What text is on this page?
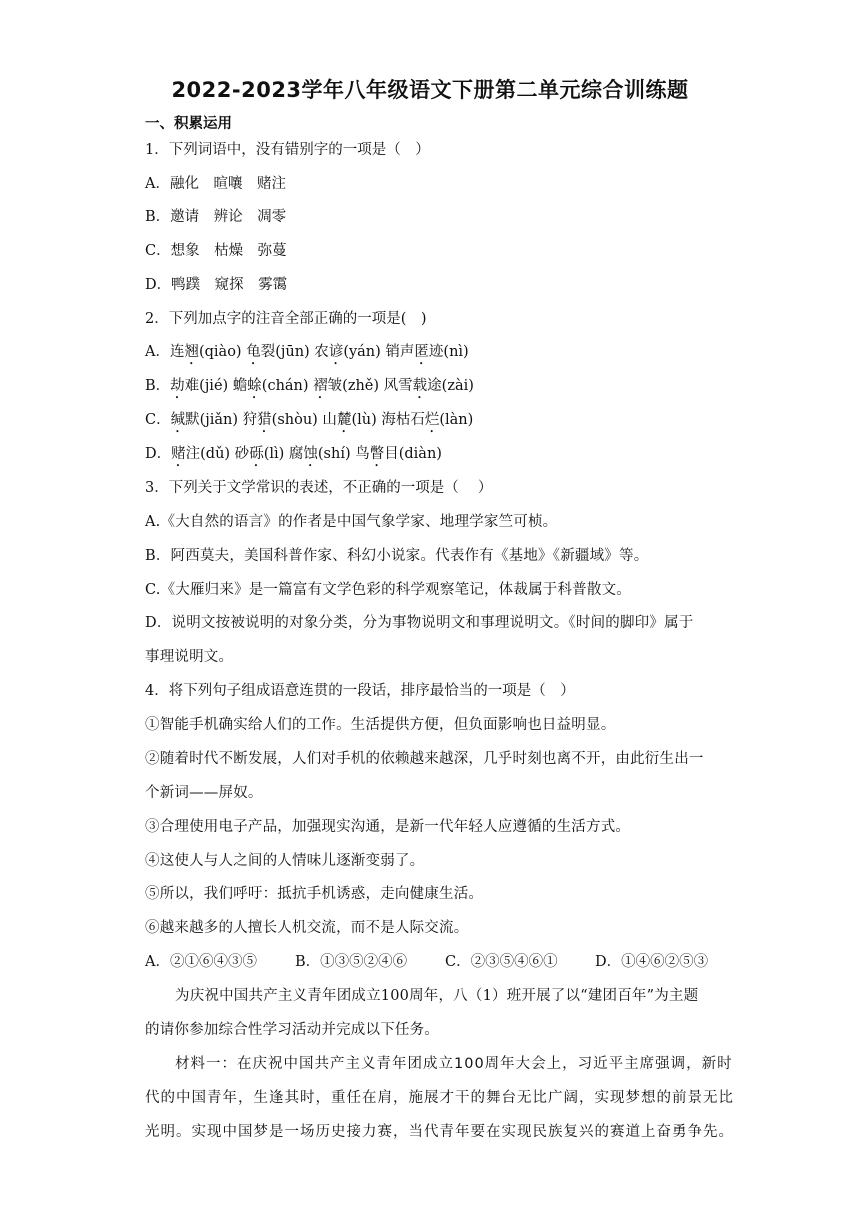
2022-2023学年八年级语文下册第二单元综合训练题
一、积累运用
1．下列词语中，没有错别字的一项是（　）
A．融化　暄嚷　赌注
B．邀请　辨论　凋零
C．想象　枯燥　弥蔓
D．鸭蹼　窥探　雾霭
2．下列加点字的注音全部正确的一项是(　)
A．连翘(qiào) 龟裂(jūn) 农谚(yán) 销声匿迹(nì)
B．劫难(jié) 蟾蜍(chán) 褶皱(zhě) 风雪载途(zài)
C．缄默(jiǎn) 狩猎(shòu) 山麓(lù) 海枯石烂(làn)
D．赌注(dǔ) 砂砾(lì) 腐蚀(shí) 鸟瞥目(diàn)
3．下列关于文学常识的表述，不正确的一项是（　 ）
A.《大自然的语言》的作者是中国气象学家、地理学家竺可桢。
B．阿西莫夫，美国科普作家、科幻小说家。代表作有《基地》《新疆域》等。
C.《大雁归来》是一篇富有文学色彩的科学观察笔记，体裁属于科普散文。
D．说明文按被说明的对象分类，分为事物说明文和事理说明文。《时间的脚印》属于
事理说明文。
4．将下列句子组成语意连贯的一段话，排序最恰当的一项是（　）
①智能手机确实给人们的工作。生活提供方便，但负面影响也日益明显。
②随着时代不断发展，人们对手机的依赖越来越深，几乎时刻也离不开，由此衍生出一
个新词——屏奴。
③合理使用电子产品，加强现实沟通，是新一代年轻人应遵循的生活方式。
④这使人与人之间的人情味儿逐渐变弱了。
⑤所以，我们呼吁：抵抗手机诱惑，走向健康生活。
⑥越来越多的人擅长人机交流，而不是人际交流。
A．②①⑥④③⑤	B．①③⑤②④⑥	C．②③⑤④⑥①	D．①④⑥②⑤③
为庆祝中国共产主义青年团成立100周年，八（1）班开展了以“建团百年”为主题
的请你参加综合性学习活动并完成以下任务。
材料一：在庆祝中国共产主义青年团成立100周年大会上，习近平主席强调，新时
代的中国青年，生逢其时，重任在肩，施展才干的舞台无比广阔，实现梦想的前景无比
光明。实现中国梦是一场历史接力赛，当代青年要在实现民族复兴的赛道上奋勇争先。
